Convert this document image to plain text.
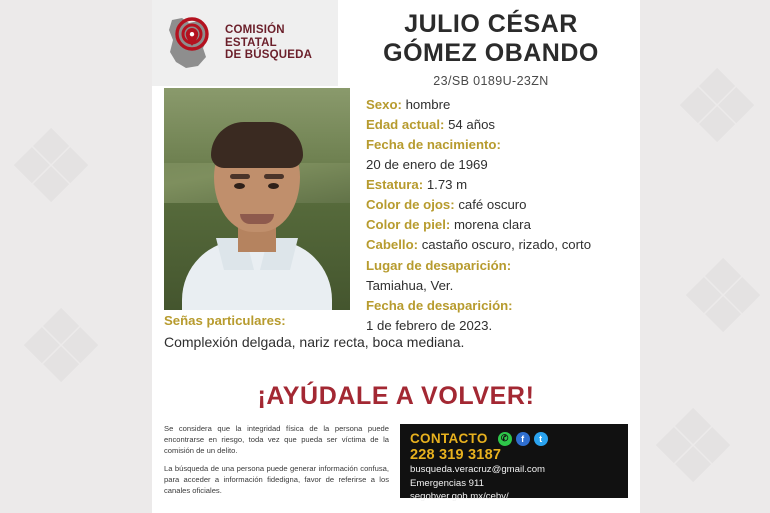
❖
❖
❖
❖
❖
COMISIÓN ESTATAL
DE BÚSQUEDA
JULIO CÉSAR
GÓMEZ OBANDO
23/SB 0189U-23ZN
Sexo: hombre
Edad actual: 54 años
Fecha de nacimiento:
20 de enero de 1969
Estatura: 1.73 m
Color de ojos: café oscuro
Color de piel: morena clara
Cabello: castaño oscuro, rizado, corto
Lugar de desaparición:
Tamiahua, Ver.
Fecha de desaparición:
1 de febrero de 2023.
Señas particulares:
Complexión delgada, nariz recta, boca mediana.
¡AYÚDALE A VOLVER!

Se considera que la integridad física de la persona puede encontrarse en riesgo, toda vez que pueda ser víctima de la comisión de un delito.

La búsqueda de una persona puede generar información confusa, para acceder a información fidedigna, favor de referirse a los canales oficiales.

CONTACTO	✆	f	t
228 319 3187
busqueda.veracruz@gmail.com
Emergencias 911
segobver.gob.mx/cebv/
